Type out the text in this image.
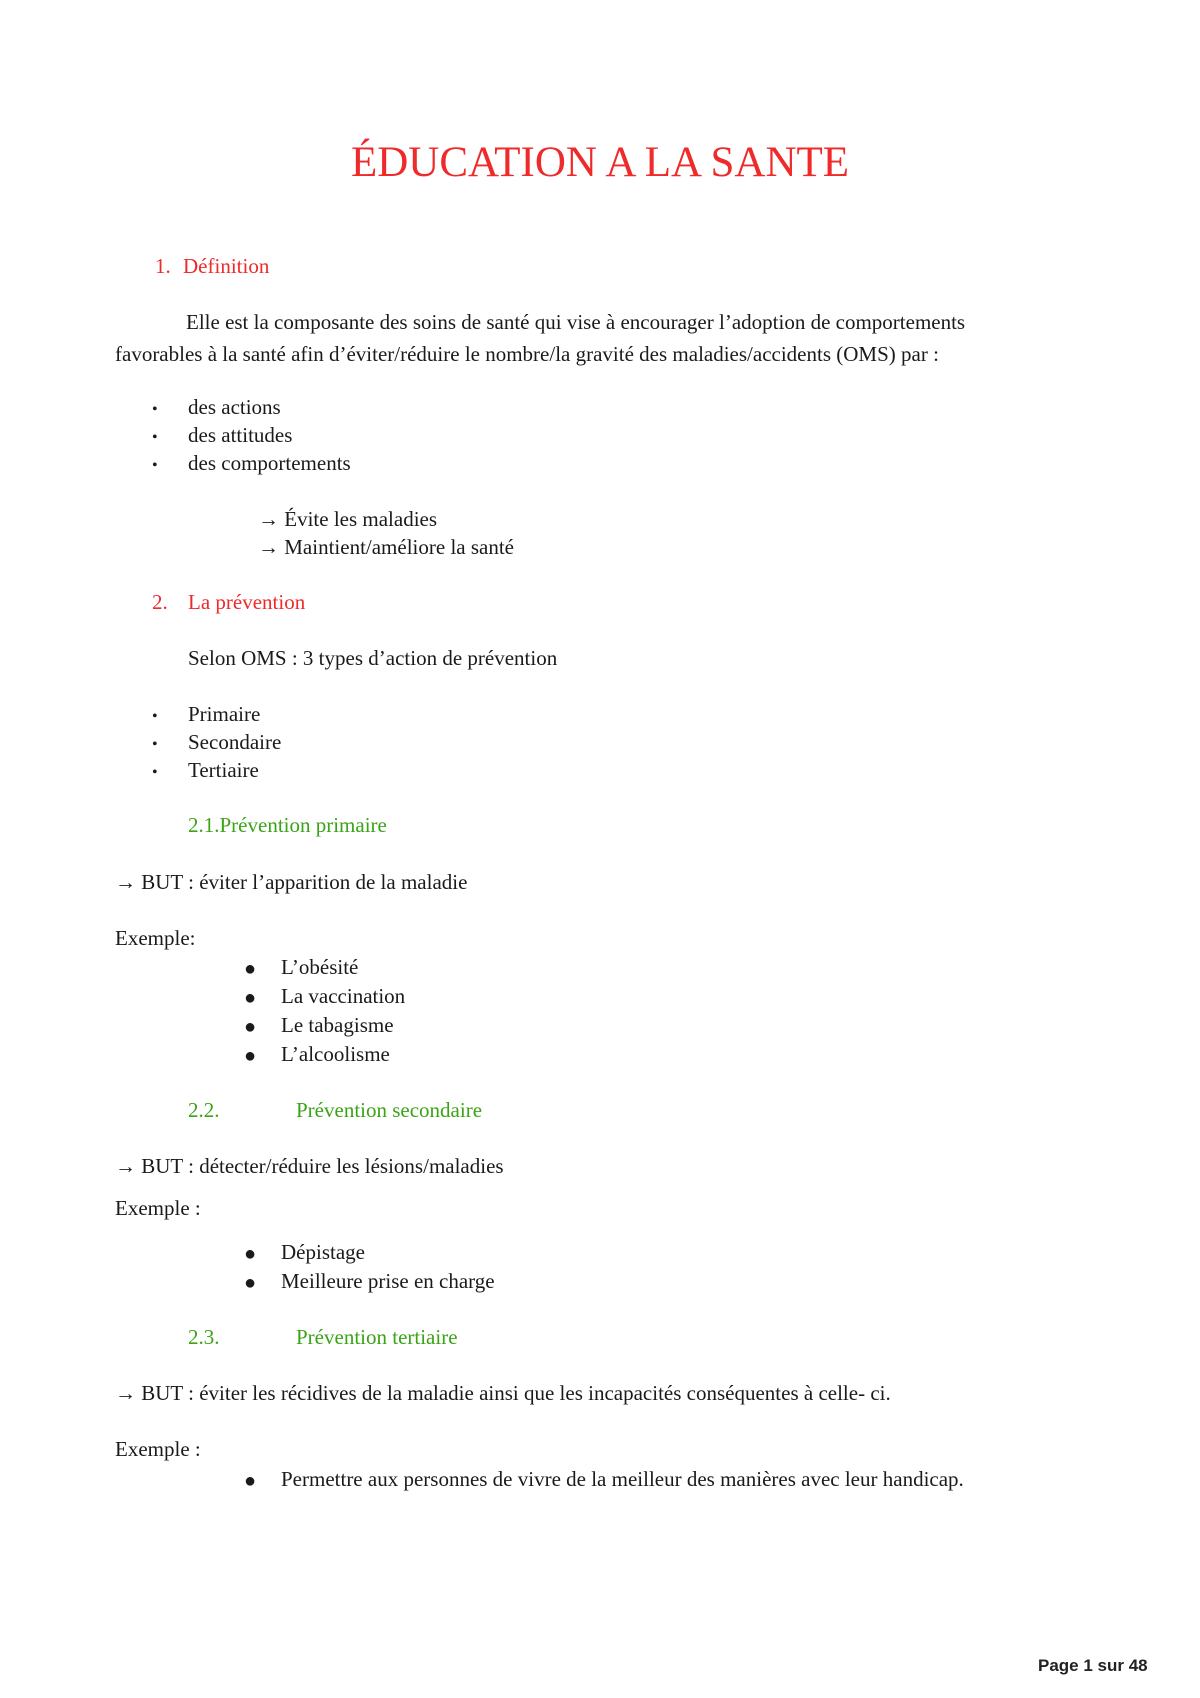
ÉDUCATION A LA SANTE
1. Définition
Elle est la composante des soins de santé qui vise à encourager l’adoption de comportements
favorables à la santé afin d’éviter/réduire le nombre/la gravité des maladies/accidents (OMS) par :
• des actions
• des attitudes
• des comportements
→ Évite les maladies
→ Maintient/améliore la santé
2. La prévention
Selon OMS : 3 types d’action de prévention
• Primaire
• Secondaire
• Tertiaire
2.1.Prévention primaire
→ BUT : éviter l’apparition de la maladie
Exemple:
● L’obésité
● La vaccination
● Le tabagisme
● L’alcoolisme
2.2.	Prévention secondaire
→ BUT : détecter/réduire les lésions/maladies
Exemple :
● Dépistage
● Meilleure prise en charge
2.3.	Prévention tertiaire
→ BUT : éviter les récidives de la maladie ainsi que les incapacités conséquentes à celle- ci.
Exemple :
● Permettre aux personnes de vivre de la meilleur des manières avec leur handicap.
Page 1 sur 48
